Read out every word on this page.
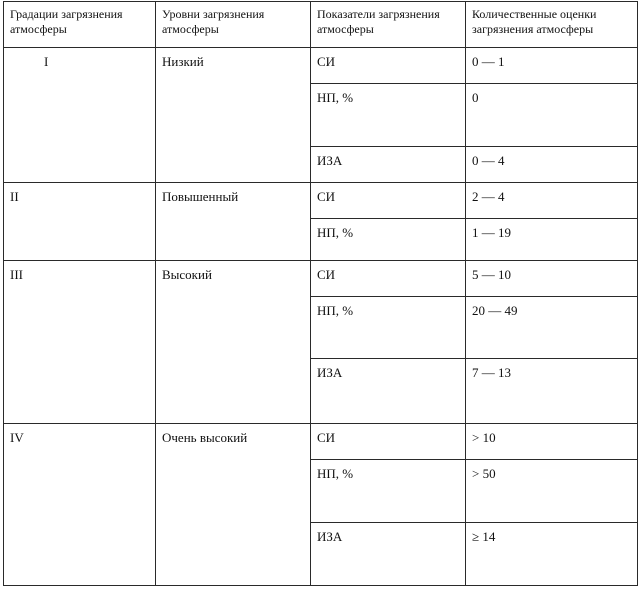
Градации загрязнения атмосферы	Уровни загрязнения атмосферы	Показатели загрязнения атмосферы	Количественные оценки загрязнения атмосферы
I	Низкий	СИ	0 — 1
		НП, %	0
		ИЗА	0 — 4
II	Повышенный	СИ	2 — 4
		НП, %	1 — 19
III	Высокий	СИ	5 — 10
		НП, %	20 — 49
		ИЗА	7 — 13
IV	Очень высокий	СИ	> 10
		НП, %	> 50
		ИЗА	≥ 14
